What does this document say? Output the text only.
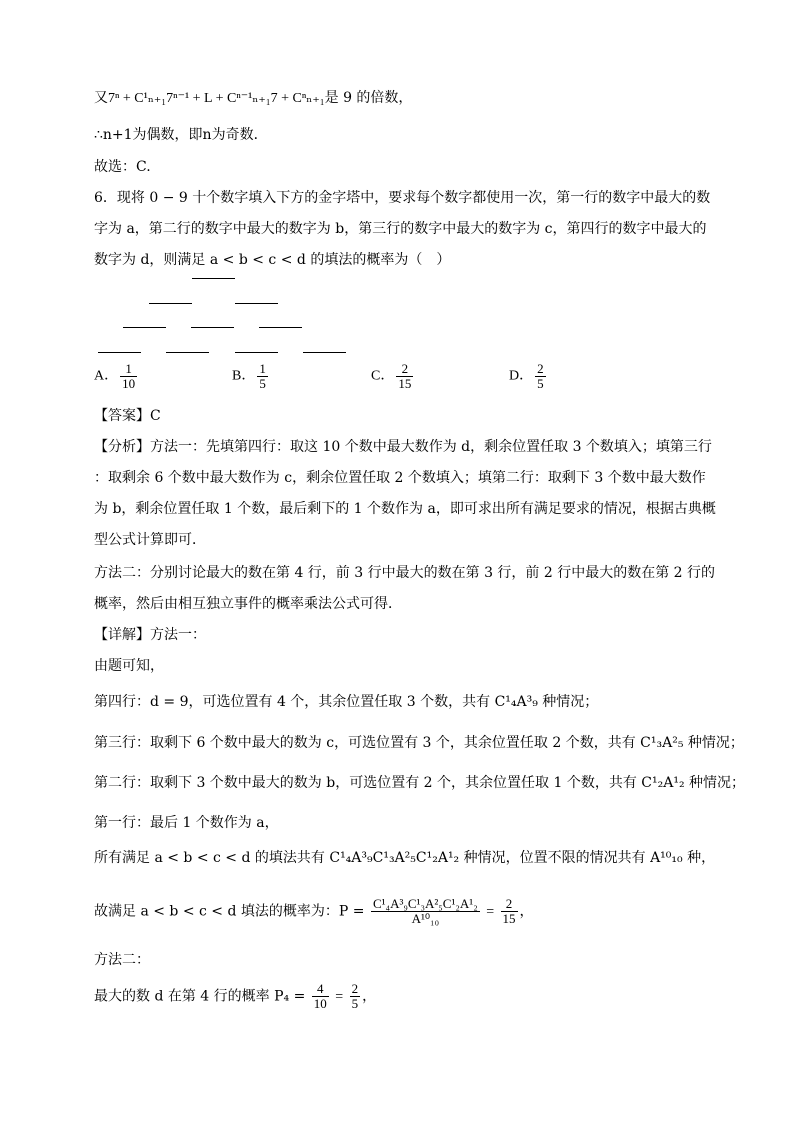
又7ⁿ + C¹ₙ₊₁7ⁿ⁻¹ + L + Cⁿ⁻¹ₙ₊₁7 + Cⁿₙ₊₁是 9 的倍数，
∴n+1为偶数，即n为奇数．
故选：C.
6．现将 0 − 9 十个数字填入下方的金字塔中，要求每个数字都使用一次，第一行的数字中最大的数
字为 a，第二行的数字中最大的数字为 b，第三行的数字中最大的数字为 c，第四行的数字中最大的
数字为 d，则满足 a < b < c < d 的填法的概率为（　）
A． $\frac{1}{10}$	B． $\frac{1}{5}$	C． $\frac{2}{15}$	D． $\frac{2}{5}$
【答案】C
【分析】方法一：先填第四行：取这 10 个数中最大数作为 d，剩余位置任取 3 个数填入；填第三行
：取剩余 6 个数中最大数作为 c，剩余位置任取 2 个数填入；填第二行：取剩下 3 个数中最大数作
为 b，剩余位置任取 1 个数，最后剩下的 1 个数作为 a，即可求出所有满足要求的情况，根据古典概
型公式计算即可．
方法二：分别讨论最大的数在第 4 行，前 3 行中最大的数在第 3 行，前 2 行中最大的数在第 2 行的
概率，然后由相互独立事件的概率乘法公式可得．
【详解】方法一：
由题可知，
第四行：d = 9，可选位置有 4 个，其余位置任取 3 个数，共有 C¹₄A³₉ 种情况；
第三行：取剩下 6 个数中最大的数为 c，可选位置有 3 个，其余位置任取 2 个数，共有 C¹₃A²₅ 种情况；
第二行：取剩下 3 个数中最大的数为 b，可选位置有 2 个，其余位置任取 1 个数，共有 C¹₂A¹₂ 种情况；
第一行：最后 1 个数作为 a，
所有满足 a < b < c < d 的填法共有 C¹₄A³₉C¹₃A²₅C¹₂A¹₂ 种情况，位置不限的情况共有 A¹⁰₁₀ 种，
故满足 a < b < c < d 填法的概率为：$P = \frac{\text{C¹₄A³₉C¹₃A²₅C¹₂A¹₂}}{\text{A¹⁰₁₀}} = \frac{2}{15}$ ，
方法二：
最大的数 d 在第 4 行的概率 $P_4 = \frac{4}{10} = \frac{2}{5}$ ，
